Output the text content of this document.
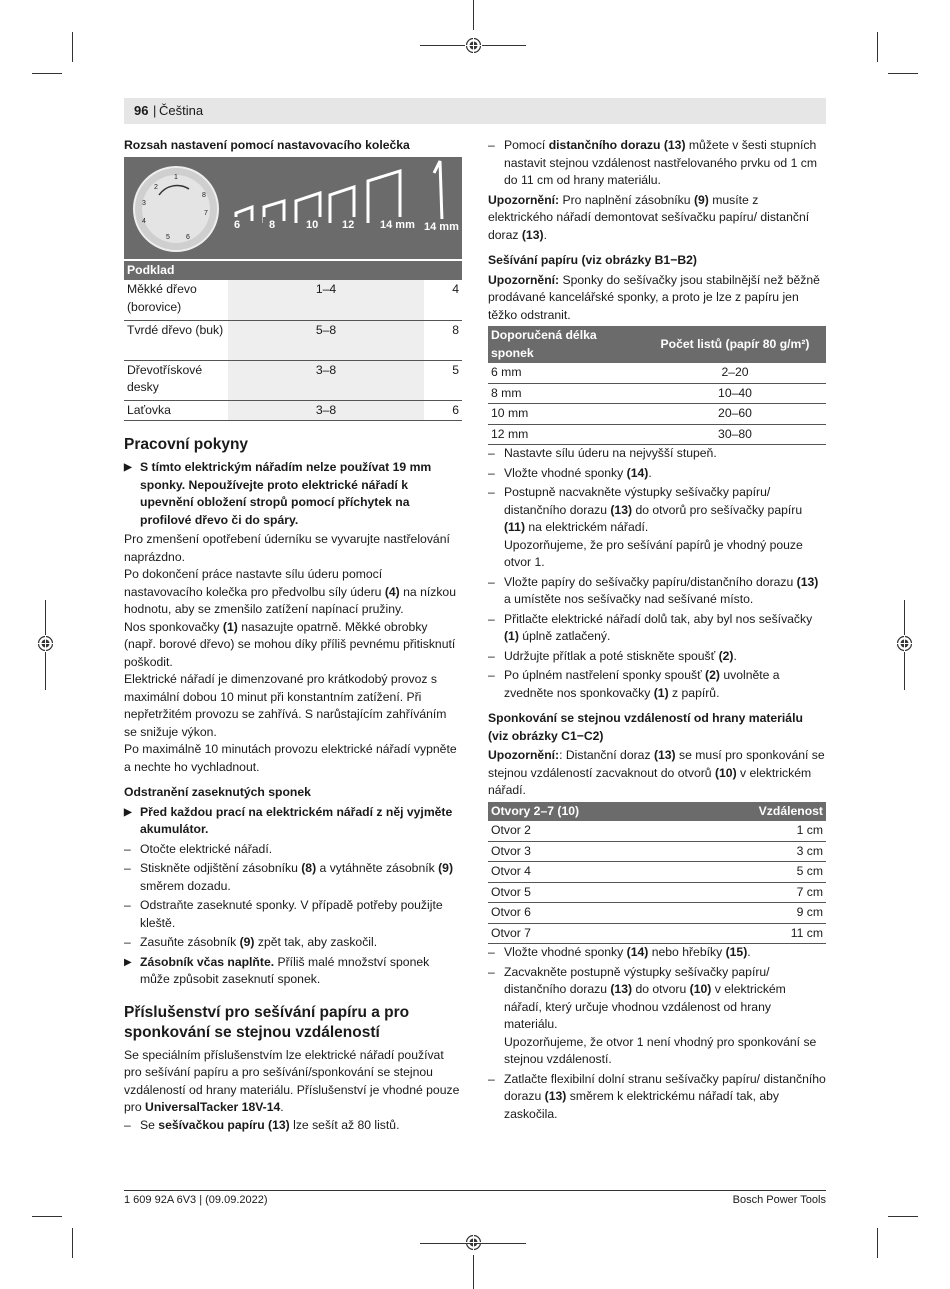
96 | Čeština
Rozsah nastavení pomocí nastavovacího kolečka
1
2
3
4
5 6
7
8
6	8	10 12 14 mm 14 mm
Podklad		
Měkké dřevo (borovice)	1–4	4
Tvrdé dřevo (buk)	5–8	8
Dřevotřískové desky	3–8	5
Laťovka	3–8	6
Pracovní pokyny
▶ S tímto elektrickým nářadím nelze používat 19 mm sponky. Nepoužívejte proto elektrické nářadí k upevnění obložení stropů pomocí příchytek na profilové dřevo či do spáry.

Pro zmenšení opotřebení úderníku se vyvarujte nastřelování naprázdno.

Po dokončení práce nastavte sílu úderu pomocí nastavovacího kolečka pro předvolbu síly úderu (4) na nízkou hodnotu, aby se zmenšilo zatížení napínací pružiny.

Nos sponkovačky (1) nasazujte opatrně. Měkké obrobky (např. borové dřevo) se mohou díky příliš pevnému přitisknutí poškodit.

Elektrické nářadí je dimenzované pro krátkodobý provoz s maximální dobou 10 minut při konstantním zatížení. Při nepřetržitém provozu se zahřívá. S narůstajícím zahříváním se snižuje výkon.

Po maximálně 10 minutách provozu elektrické nářadí vypněte a nechte ho vychladnout.

Odstranění zaseknutých sponek
▶ Před každou prací na elektrickém nářadí z něj vyjměte akumulátor.
– Otočte elektrické nářadí.
– Stiskněte odjištění zásobníku (8) a vytáhněte zásobník (9) směrem dozadu.
– Odstraňte zaseknuté sponky. V případě potřeby použijte kleště.
– Zasuňte zásobník (9) zpět tak, aby zaskočil.
▶ Zásobník včas naplňte. Příliš malé množství sponek může způsobit zaseknutí sponek.
Příslušenství pro sešívání papíru a pro sponkování se stejnou vzdáleností

Se speciálním příslušenstvím lze elektrické nářadí používat pro sešívání papíru a pro sešívání/sponkování se stejnou vzdáleností od hrany materiálu. Příslušenství je vhodné pouze pro UniversalTacker 18V-14.

– Se sešívačkou papíru (13) lze sešít až 80 listů.
– Pomocí distančního dorazu (13) můžete v šesti stupních nastavit stejnou vzdálenost nastřelovaného prvku od 1 cm do 11 cm od hrany materiálu.

Upozornění: Pro naplnění zásobníku (9) musíte z elektrického nářadí demontovat sešívačku papíru/ distanční doraz (13).

Sešívání papíru (viz obrázky B1−B2)

Upozornění: Sponky do sešívačky jsou stabilnější než běžně prodávané kancelářské sponky, a proto je lze z papíru jen těžko odstranit.

Doporučená délka sponek	Počet listů (papír 80 g/m²)
6 mm	2–20
8 mm	10–40
10 mm	20–60
12 mm	30–80
– Nastavte sílu úderu na nejvyšší stupeň.
– Vložte vhodné sponky (14).
– Postupně nacvakněte výstupky sešívačky papíru/ distančního dorazu (13) do otvorů pro sešívačky papíru (11) na elektrickém nářadí.
Upozorňujeme, že pro sešívání papírů je vhodný pouze otvor 1.
– Vložte papíry do sešívačky papíru/distančního dorazu (13) a umístěte nos sešívačky nad sešívané místo.
– Přitlačte elektrické nářadí dolů tak, aby byl nos sešívačky (1) úplně zatlačený.
– Udržujte přítlak a poté stiskněte spoušť (2).
– Po úplném nastřelení sponky spoušť (2) uvolněte a zvedněte nos sponkovačky (1) z papírů.
Sponkování se stejnou vzdáleností od hrany materiálu (viz obrázky C1−C2)

Upozornění:: Distanční doraz (13) se musí pro sponkování se stejnou vzdáleností zacvaknout do otvorů (10) v elektrickém nářadí.

Otvory 2–7 (10)	Vzdálenost
Otvor 2	1 cm
Otvor 3	3 cm
Otvor 4	5 cm
Otvor 5	7 cm
Otvor 6	9 cm
Otvor 7	11 cm
– Vložte vhodné sponky (14) nebo hřebíky (15).
– Zacvakněte postupně výstupky sešívačky papíru/ distančního dorazu (13) do otvoru (10) v elektrickém nářadí, který určuje vhodnou vzdálenost od hrany materiálu.
Upozorňujeme, že otvor 1 není vhodný pro sponkování se stejnou vzdáleností.
– Zatlačte flexibilní dolní stranu sešívačky papíru/ distančního dorazu (13) směrem k elektrickému nářadí tak, aby zaskočila.
1 609 92A 6V3 | (09.09.2022)	Bosch Power Tools
